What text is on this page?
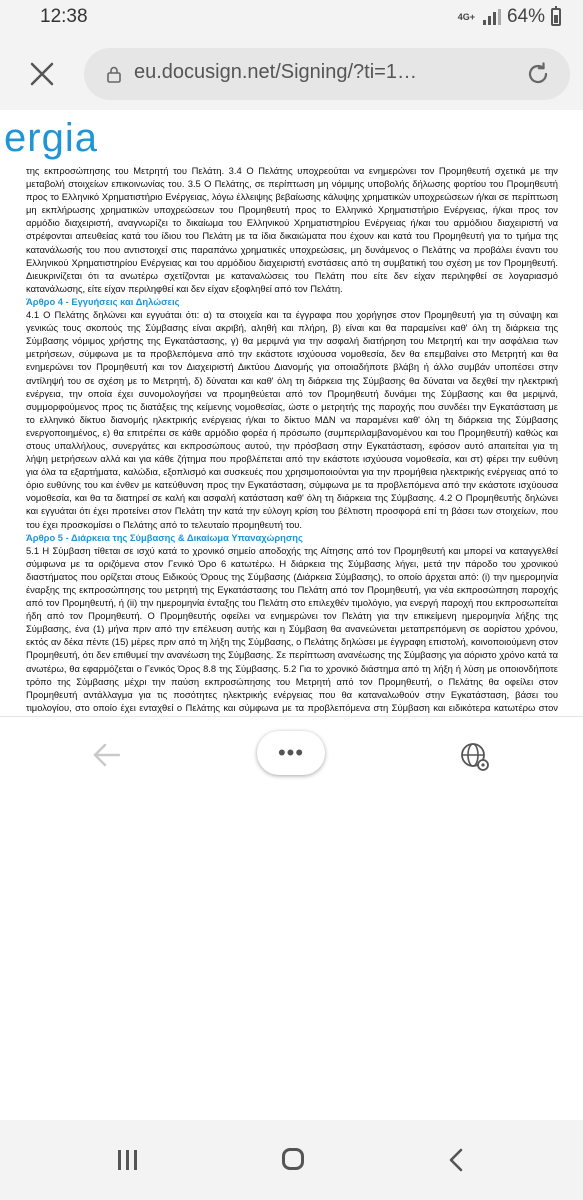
12:38	4G+ 64%
eu.docusign.net/Signing/?ti=1…
ergia

της εκπροσώπησης του Μετρητή του Πελάτη. 3.4 Ο Πελάτης υποχρεούται να ενημερώνει τον Προμηθευτή σχετικά με την μεταβολή στοιχείων επικοινωνίας του. 3.5 Ο Πελάτης, σε περίπτωση μη νόμιμης υποβολής δήλωσης φορτίου του Προμηθευτή προς το Ελληνικό Χρηματιστήριο Ενέργειας, λόγω έλλειψης βεβαίωσης κάλυψης χρηματικών υποχρεώσεων ή/και σε περίπτωση μη εκπλήρωσης χρηματικών υποχρεώσεων του Προμηθευτή προς το Ελληνικό Χρηματιστήριο Ενέργειας, ή/και προς τον αρμόδιο διαχειριστή, αναγνωρίζει το δικαίωμα του Ελληνικού Χρηματιστηρίου Ενέργειας ή/και του αρμόδιου διαχειριστή να στρέφονται απευθείας κατά του ίδιου του Πελάτη με τα ίδια δικαιώματα που έχουν και κατά του Προμηθευτή για το τμήμα της κατανάλωσής του που αντιστοιχεί στις παραπάνω χρηματικές υποχρεώσεις, μη δυνάμενος ο Πελάτης να προβάλει έναντι του Ελληνικού Χρηματιστηρίου Ενέργειας και του αρμόδιου διαχειριστή ενστάσεις από τη συμβατική του σχέση με τον Προμηθευτή. Διευκρινίζεται ότι τα ανωτέρω σχετίζονται με καταναλώσεις του Πελάτη που είτε δεν είχαν περιληφθεί σε λογαριασμό κατανάλωσης, είτε είχαν περιληφθεί και δεν είχαν εξοφληθεί από τον Πελάτη.

Άρθρο 4 - Εγγυήσεις και Δηλώσεις

4.1 Ο Πελάτης δηλώνει και εγγυάται ότι: α) τα στοιχεία και τα έγγραφα που χορήγησε στον Προμηθευτή για τη σύναψη και γενικώς τους σκοπούς της Σύμβασης είναι ακριβή, αληθή και πλήρη, β) είναι και θα παραμείνει καθ' όλη τη διάρκεια της Σύμβασης νόμιμος χρήστης της Εγκατάστασης, γ) θα μεριμνά για την ασφαλή διατήρηση του Μετρητή και την ασφάλεια των μετρήσεων, σύμφωνα με τα προβλεπόμενα από την εκάστοτε ισχύουσα νομοθεσία, δεν θα επεμβαίνει στο Μετρητή και θα ενημερώνει τον Προμηθευτή και τον Διαχειριστή Δικτύου Διανομής για οποιαδήποτε βλάβη ή άλλο συμβάν υποπέσει στην αντίληψή του σε σχέση με το Μετρητή, δ) δύναται και καθ' όλη τη διάρκεια της Σύμβασης θα δύναται να δεχθεί την ηλεκτρική ενέργεια, την οποία έχει συνομολογήσει να προμηθεύεται από τον Προμηθευτή δυνάμει της Σύμβασης και θα μεριμνά, συμμορφούμενος προς τις διατάξεις της κείμενης νομοθεσίας, ώστε ο μετρητής της παροχής που συνδέει την Εγκατάσταση με το ελληνικό δίκτυο διανομής ηλεκτρικής ενέργειας ή/και το δίκτυο ΜΔΝ να παραμένει καθ' όλη τη διάρκεια της Σύμβασης ενεργοποιημένος, ε) θα επιτρέπει σε κάθε αρμόδιο φορέα ή πρόσωπο (συμπεριλαμβανομένου και του Προμηθευτή) καθώς και στους υπαλλήλους, συνεργάτες και εκπροσώπους αυτού, την πρόσβαση στην Εγκατάσταση, εφόσον αυτό απαιτείται για τη λήψη μετρήσεων αλλά και για κάθε ζήτημα που προβλέπεται από την εκάστοτε ισχύουσα νομοθεσία, και στ) φέρει την ευθύνη για όλα τα εξαρτήματα, καλώδια, εξοπλισμό και συσκευές που χρησιμοποιούνται για την προμήθεια ηλεκτρικής ενέργειας από το όριο ευθύνης του και ένθεν με κατεύθυνση προς την Εγκατάσταση, σύμφωνα με τα προβλεπόμενα από την εκάστοτε ισχύουσα νομοθεσία, και θα τα διατηρεί σε καλή και ασφαλή κατάσταση καθ' όλη τη διάρκεια της Σύμβασης. 4.2 Ο Προμηθευτής δηλώνει και εγγυάται ότι έχει προτείνει στον Πελάτη την κατά την εύλογη κρίση του βέλτιστη προσφορά επί τη βάσει των στοιχείων, που του έχει προσκομίσει ο Πελάτης από το τελευταίο προμηθευτή του.

Άρθρο 5 - Διάρκεια της Σύμβασης & Δικαίωμα Υπαναχώρησης

5.1 Η Σύμβαση τίθεται σε ισχύ κατά το χρονικό σημείο αποδοχής της Αίτησης από τον Προμηθευτή και μπορεί να καταγγελθεί σύμφωνα με τα οριζόμενα στον Γενικό Όρο 6 κατωτέρω. Η διάρκεια της Σύμβασης λήγει, μετά την πάροδο του χρονικού διαστήματος που ορίζεται στους Ειδικούς Όρους της Σύμβασης (Διάρκεια Σύμβασης), το οποίο άρχεται από: (i) την ημερομηνία έναρξης της εκπροσώπησης του μετρητή της Εγκατάστασης του Πελάτη από τον Προμηθευτή, για νέα εκπροσώπηση παροχής από τον Προμηθευτή, ή (ii) την ημερομηνία ένταξης του Πελάτη στο επιλεχθέν τιμολόγιο, για ενεργή παροχή που εκπροσωπείται ήδη από τον Προμηθευτή. Ο Προμηθευτής οφείλει να ενημερώνει τον Πελάτη για την επικείμενη ημερομηνία λήξης της Σύμβασης, ένα (1) μήνα πριν από την επέλευση αυτής και η Σύμβαση θα ανανεώνεται μεταπρεπόμενη σε αορίστου χρόνου, εκτός αν δέκα πέντε (15) μέρες πριν από τη λήξη της Σύμβασης, ο Πελάτης δηλώσει με έγγραφη επιστολή, κοινοποιούμενη στον Προμηθευτή, ότι δεν επιθυμεί την ανανέωση της Σύμβασης. Σε περίπτωση ανανέωσης της Σύμβασης για αόριστο χρόνο κατά τα ανωτέρω, θα εφαρμόζεται ο Γενικός Όρος 8.8 της Σύμβασης. 5.2 Για το χρονικό διάστημα από τη λήξη ή λύση με οποιονδήποτε τρόπο της Σύμβασης μέχρι την παύση εκπροσώπησης του Μετρητή από τον Προμηθευτή, ο Πελάτης θα οφείλει στον Προμηθευτή αντάλλαγμα για τις ποσότητες ηλεκτρικής ενέργειας που θα καταναλωθούν στην Εγκατάσταση, βάσει του τιμολογίου, στο οποίο έχει ενταχθεί ο Πελάτης και σύμφωνα με τα προβλεπόμενα στη Σύμβαση και ειδικότερα κατωτέρω στον

•••
